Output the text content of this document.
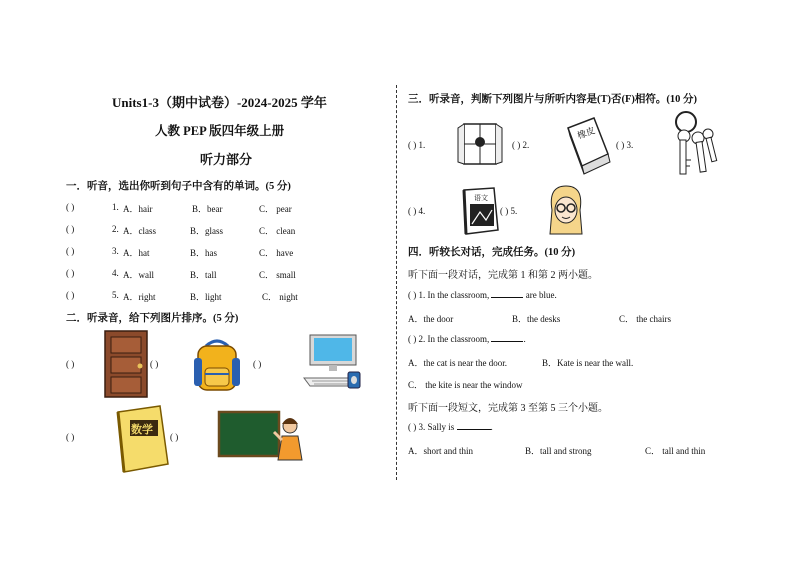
Units1-3（期中试卷）-2024-2025 学年
人教 PEP 版四年级上册
听力部分
一．听音，选出你听到句子中含有的单词。(5 分)
( )	1. A．hair	B．bear	C． pear
( )	2. A．class	B．glass	C． clean
( )	3. A．hat	B．has	C． have
( )	4. A．wall	B．tall	C． small
( )	5. A．right	B．light	C． night
二．听录音，给下列图片排序。(5 分)
( )	( )	( )
( )	( )
数学
三．听录音，判断下列图片与所听内容是(T)否(F)相符。(10 分)
( ) 1.	( ) 2.	( ) 3.
( ) 4.	( ) 5.
橡皮
语文
四．听较长对话，完成任务。(10 分)
听下面一段对话，完成第 1 和第 2 两小题。
( ) 1. In the classroom,	are blue.
A．the door	B．the desks	C． the chairs
( ) 2. In the classroom,	.
A．the cat is near the door.	B．Kate is near the wall.
C． the kite is near the window
听下面一段短文，完成第 3 至第 5 三个小题。
( ) 3. Sally is	.
A．short and thin	B．tall and strong	C． tall and thin
